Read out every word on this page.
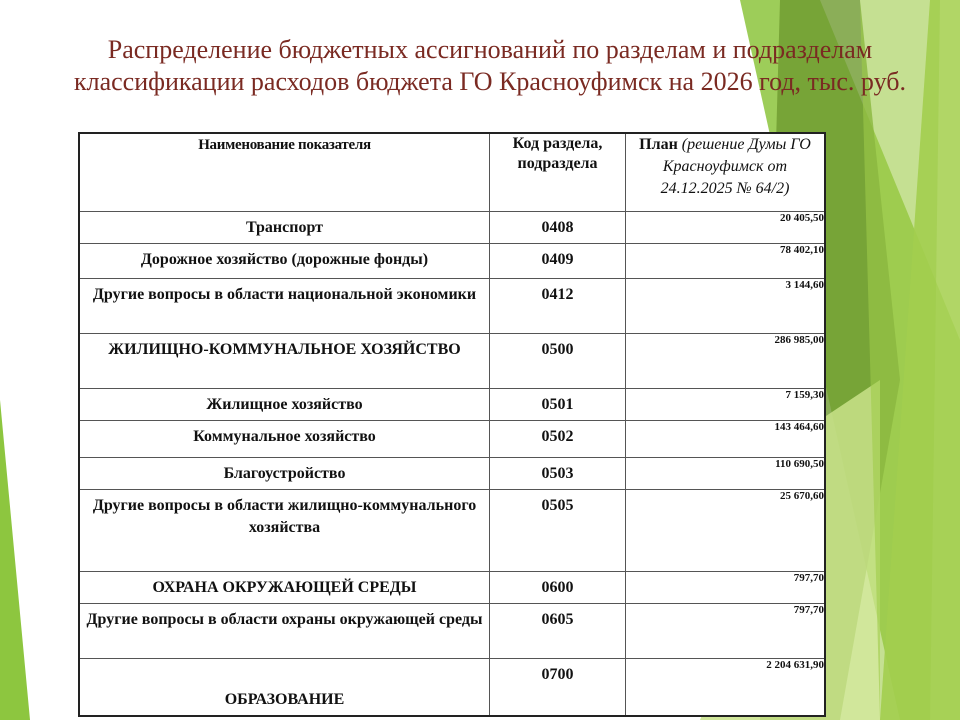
Распределение бюджетных ассигнований по разделам и подразделам классификации расходов бюджета ГО Красноуфимск на 2026 год, тыс. руб.
Наименование показателя	Код раздела, подраздела	План (решение Думы ГО Красноуфимск от 24.12.2025 № 64/2)
Транспорт	0408	20 405,50
Дорожное хозяйство (дорожные фонды)	0409	78 402,10
Другие вопросы в области национальной экономики	0412	3 144,60
ЖИЛИЩНО-КОММУНАЛЬНОЕ ХОЗЯЙСТВО	0500	286 985,00
Жилищное хозяйство	0501	7 159,30
Коммунальное хозяйство	0502	143 464,60
Благоустройство	0503	110 690,50
Другие вопросы в области жилищно-коммунального хозяйства	0505	25 670,60
ОХРАНА ОКРУЖАЮЩЕЙ СРЕДЫ	0600	797,70
Другие вопросы в области охраны окружающей среды	0605	797,70
ОБРАЗОВАНИЕ	0700	2 204 631,90
